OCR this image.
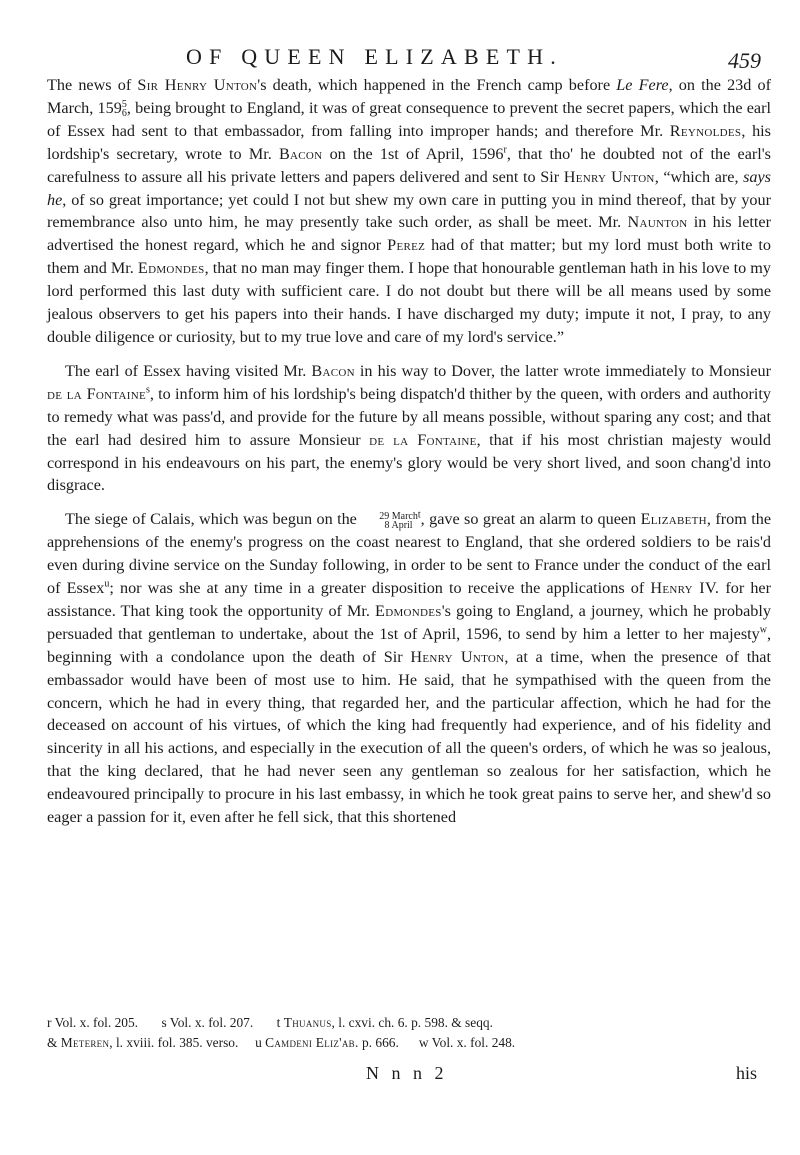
OF QUEEN ELIZABETH.	459

The news of Sir Henry Unton's death, which happened in the French camp before Le Fere, on the 23d of March, 159 5
6 , being brought to England, it was of great consequence to prevent the secret papers, which the earl of Essex had sent to that embassador, from falling into improper hands; and therefore Mr. Reynoldes, his lordship's secretary, wrote to Mr. Bacon on the 1st of April, 1596$^r$, that tho' he doubted not of the earl's carefulness to assure all his private letters and papers delivered and sent to Sir Henry Unton, “which are, says he, of so great importance; yet could I not but shew my own care in putting you in mind thereof, that by your remembrance also unto him, he may presently take such order, as shall be meet. Mr. Naunton in his letter advertised the honest regard, which he and signor Perez had of that matter; but my lord must both write to them and Mr. Edmondes, that no man may finger them. I hope that honourable gentleman hath in his love to my lord performed this last duty with sufficient care. I do not doubt but there will be all means used by some jealous observers to get his papers into their hands. I have discharged my duty; impute it not, I pray, to any double diligence or curiosity, but to my true love and care of my lord's service.”

The earl of Essex having visited Mr. Bacon in his way to Dover, the latter wrote immediately to Monsieur de la Fontaine$^s$, to inform him of his lordship's being dispatch'd thither by the queen, with orders and authority to remedy what was pass'd, and provide for the future by all means possible, without sparing any cost; and that the earl had desired him to assure Monsieur de la Fontaine, that if his most christian majesty would correspond in his endeavours on his part, the enemy's glory would be very short lived, and soon chang'd into disgrace.

The siege of Calais, which was begun on the	29 March
8 April
$^t$, gave so great an alarm to queen Elizabeth, from the apprehensions of the enemy's progress on the coast nearest to England, that she ordered soldiers to be rais'd even during divine service on the Sunday following, in order to be sent to France under the conduct of the earl of Essex$^u$; nor was she at any time in a greater disposition to receive the applications of Henry IV. for her assistance. That king took the opportunity of Mr. Edmondes's going to England, a journey, which he probably persuaded that gentleman to undertake, about the 1st of April, 1596, to send by him a letter to her majesty$^w$, beginning with a condolance upon the death of Sir Henry Unton, at a time, when the presence of that embassador would have been of most use to him. He said, that he sympathised with the queen from the concern, which he had in every thing, that regarded her, and the particular affection, which he had for the deceased on account of his virtues, of which the king had frequently had experience, and of his fidelity and sincerity in all his actions, and especially in the execution of all the queen's orders, of which he was so jealous, that the king declared, that he had never seen any gentleman so zealous for her satisfaction, which he endeavoured principally to procure in his last embassy, in which he took great pains to serve her, and shew'd so eager a passion for it, even after he fell sick, that this shortened

r Vol. x. fol. 205. s Vol. x. fol. 207. t Thuanus, l. cxvi. ch. 6. p. 598. & seqq.
& Meteren, l. xviii. fol. 385. verso. u Camdeni Eliz'ab. p. 666. w Vol. x. fol. 248.
N n n 2	his
